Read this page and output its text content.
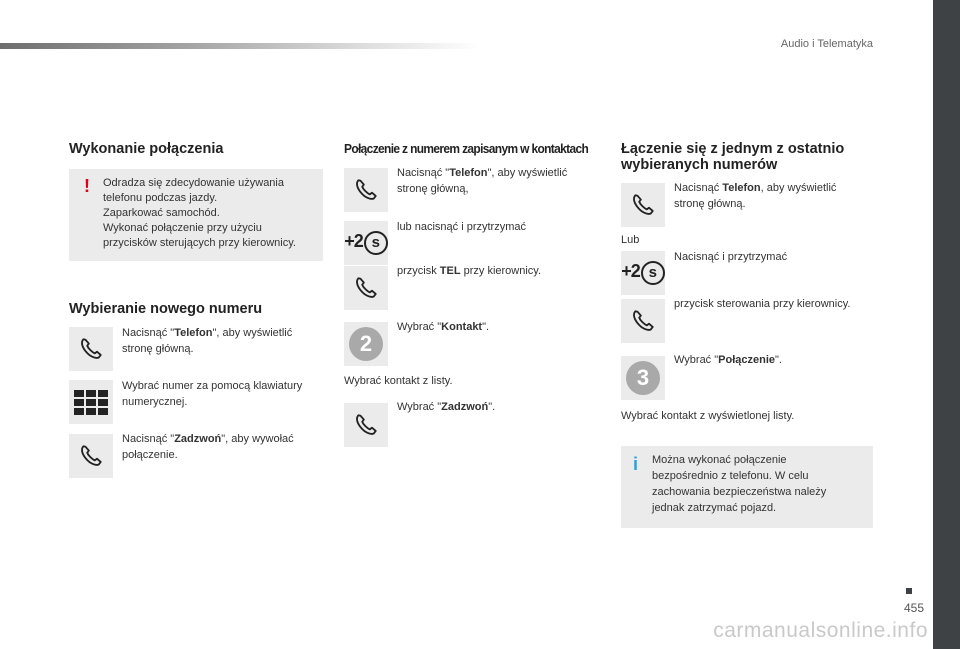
Audio i Telematyka
455
carmanualsonline.info
Wykonanie połączenia
! Odradza się zdecydowanie używania
telefonu podczas jazdy.
Zaparkować samochód.
Wykonać połączenie przy użyciu
przycisków sterujących przy kierownicy.
Wybieranie nowego numeru
Nacisnąć "Telefon", aby wyświetlić
stronę główną.
Wybrać numer za pomocą klawiatury
numerycznej.
Nacisnąć "Zadzwoń", aby wywołać
połączenie.
Połączenie z numerem zapisanym w kontaktach
Nacisnąć "Telefon", aby wyświetlić
stronę główną,
+2 s
lub nacisnąć i przytrzymać
przycisk TEL przy kierownicy.
2
Wybrać "Kontakt".
Wybrać kontakt z listy.
Wybrać "Zadzwoń".
Łączenie się z jednym z ostatnio
wybieranych numerów
Nacisnąć Telefon, aby wyświetlić
stronę główną.
Lub
+2 s
Nacisnąć i przytrzymać
przycisk sterowania przy kierownicy.
3
Wybrać "Połączenie".
Wybrać kontakt z wyświetlonej listy.
i Można wykonać połączenie
bezpośrednio z telefonu. W celu
zachowania bezpieczeństwa należy
jednak zatrzymać pojazd.
